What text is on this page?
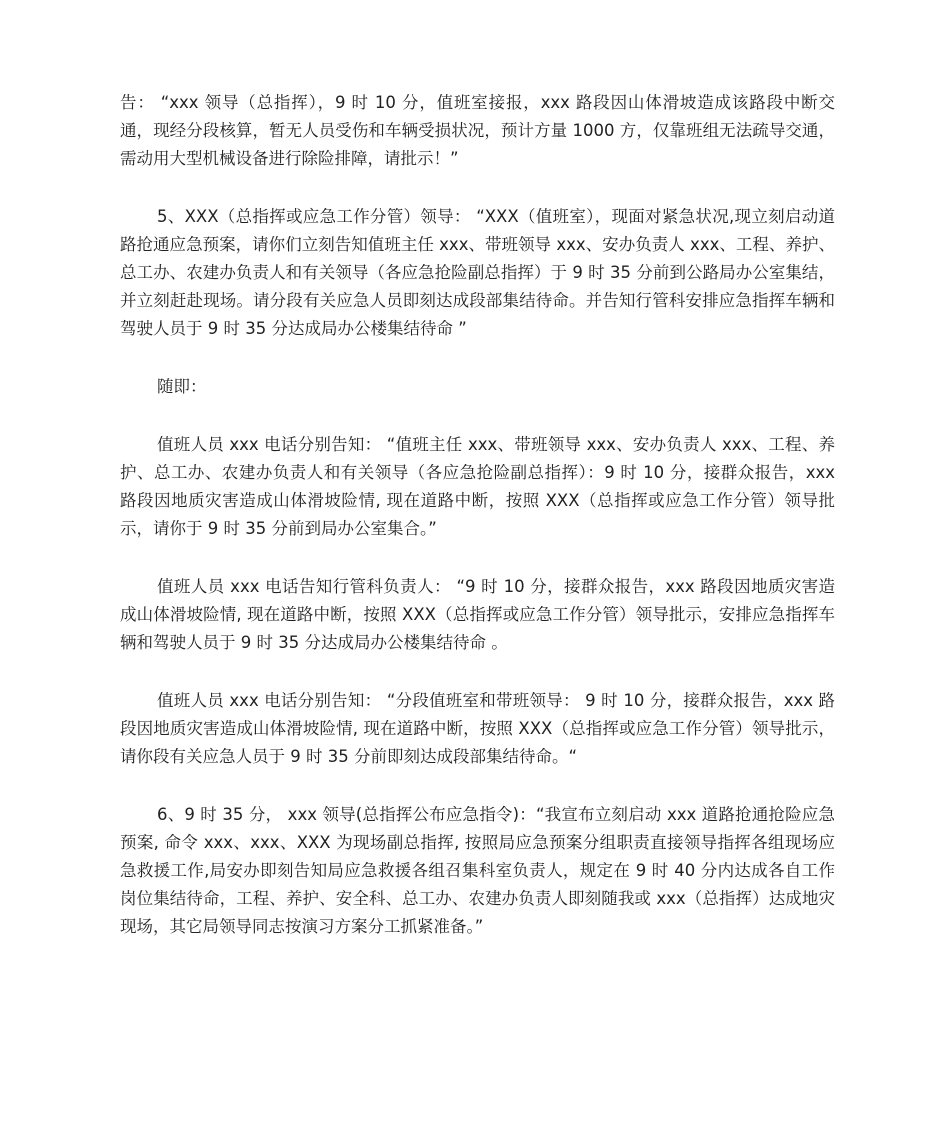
告： “xxx 领导（总指挥），9 时 10 分，值班室接报，xxx 路段因山体滑坡造成该路段中断交通，现经分段核算，暂无人员受伤和车辆受损状况，预计方量 1000 方，仅靠班组无法疏导交通，需动用大型机械设备进行除险排障，请批示！”

5、XXX（总指挥或应急工作分管）领导： “XXX（值班室），现面对紧急状况,现立刻启动道路抢通应急预案，请你们立刻告知值班主任 xxx、带班领导 xxx、安办负责人 xxx、工程、养护、总工办、农建办负责人和有关领导（各应急抢险副总指挥）于 9 时 35 分前到公路局办公室集结，并立刻赶赴现场。请分段有关应急人员即刻达成段部集结待命。并告知行管科安排应急指挥车辆和驾驶人员于 9 时 35 分达成局办公楼集结待命 ”

随即：

值班人员 xxx 电话分别告知： “值班主任 xxx、带班领导 xxx、安办负责人 xxx、工程、养护、总工办、农建办负责人和有关领导（各应急抢险副总指挥）：9 时 10 分，接群众报告，xxx 路段因地质灾害造成山体滑坡险情, 现在道路中断，按照 XXX（总指挥或应急工作分管）领导批示，请你于 9 时 35 分前到局办公室集合。”

值班人员 xxx 电话告知行管科负责人： “9 时 10 分，接群众报告，xxx 路段因地质灾害造成山体滑坡险情, 现在道路中断，按照 XXX（总指挥或应急工作分管）领导批示，安排应急指挥车辆和驾驶人员于 9 时 35 分达成局办公楼集结待命 。

值班人员 xxx 电话分别告知： “分段值班室和带班领导： 9 时 10 分，接群众报告，xxx 路段因地质灾害造成山体滑坡险情, 现在道路中断，按照 XXX（总指挥或应急工作分管）领导批示，请你段有关应急人员于 9 时 35 分前即刻达成段部集结待命。“

6、9 时 35 分， xxx 领导(总指挥公布应急指令)：“我宣布立刻启动 xxx 道路抢通抢险应急预案, 命令 xxx、xxx、XXX 为现场副总指挥, 按照局应急预案分组职责直接领导指挥各组现场应急救援工作,局安办即刻告知局应急救援各组召集科室负责人，规定在 9 时 40 分内达成各自工作岗位集结待命，工程、养护、安全科、总工办、农建办负责人即刻随我或 xxx（总指挥）达成地灾现场，其它局领导同志按演习方案分工抓紧准备。”
